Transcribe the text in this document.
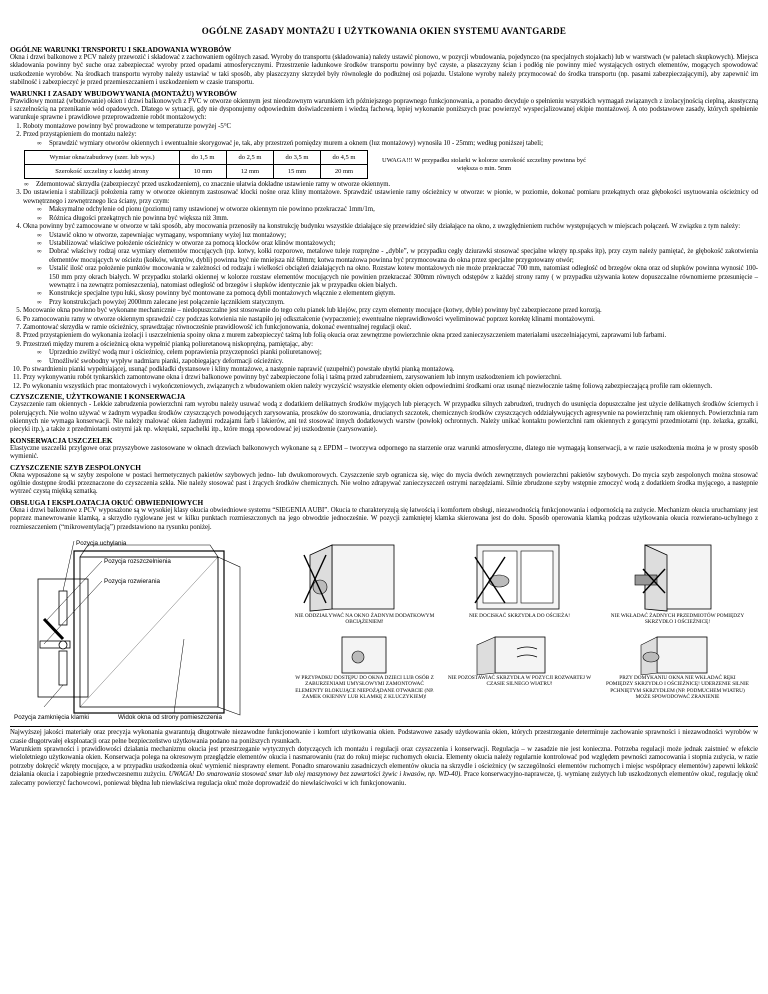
OGÓLNE ZASADY MONTAŻU I UŻYTKOWANIA OKIEN SYSTEMU AVANTGARDE
OGÓLNE WARUNKI TRNSPORTU I SKŁADOWANIA WYROBÓW

Okna i drzwi balkonowe z PCV należy przewozić i składować z zachowaniem ogólnych zasad. Wyroby do transportu (składowania) należy ustawić pionowo, w pozycji wbudowania, pojedynczo (na specjalnych stojakach) lub w warstwach (w paletach skupkowych). Miejsca składowania powinny być suche oraz zabezpieczać wyroby przed opadami atmosferycznymi. Przestrzenie ładunkowe środków transportu powinny być czyste, a płaszczyzny ścian i podłóg nie powinny mieć wystających ostrych elementów, mogących spowodować uszkodzenie wyrobów. Na środkach transportu wyroby należy ustawiać w taki sposób, aby płaszczyzny skrzydeł były równoległe do podłużnej osi pojazdu. Ustalone wyroby należy przymocować do środka transportu (np. pasami zabezpieczającymi), aby zapewnić im stabilność i zabezpieczyć je przed przemieszczaniem i uszkodzeniem w czasie transportu.

WARUNKI I ZASADY WBUDOWYWANIA (MONTAŻU) WYROBÓW

Prawidłowy montaż (wbudowanie) okien i drzwi balkonowych z PVC w otworze okiennym jest nieodzownym warunkiem ich późniejszego poprawnego funkcjonowania, a ponadto decyduje o spełnieniu wszystkich wymagań związanych z izolacyjnością cieplną, akustyczną i szczelnością na przenikanie wód opadowych. Dlatego w sytuacji, gdy nie dysponujemy odpowiednim doświadczeniem i wiedzą fachową, lepiej wykonanie poniższych prac powierzyć wyspecjalizowanej ekipie montażowej. A oto podstawowe zasady, których spełnienie warunkuje sprawne i prawidłowe przeprowadzenie robót montażowych:

1. Roboty montażowe powinny być prowadzone w temperaturze powyżej -5°C
2. Przed przystąpieniem do montażu należy:
∞ Sprawdzić wymiary otworów okiennych i ewentualnie skorygować je, tak, aby przestrzeń pomiędzy murem a oknem (luz montażowy) wynosiła 10 - 25mm; według poniższej tabeli;
Wymiar okna/zabudowy (szer. lub wys.)	do 1,5 m	do 2,5 m	do 3,5 m	do 4,5 m
Szerokość szczeliny z każdej strony	10 mm	12 mm	15 mm	20 mm
UWAGA!!! W przypadku stolarki w kolorze szerokość szczeliny powinna być większa o min. 5mm
∞ Zdemontować skrzydła (zabezpieczyć przed uszkodzeniem), co znacznie ułatwia dokładne ustawienie ramy w otworze okiennym.
3. Do ustawienia i stabilizacji położenia ramy w otworze okiennym zastosować klocki nośne oraz kliny montażowe. Sprawdzić ustawienie ramy ościeżnicy w otworze: w pionie, w poziomie, dokonać pomiaru przekątnych oraz głębokości usytuowania ościeżnicy od wewnętrznego i zewnętrznego lica ściany, przy czym:
∞ Maksymalne odchylenie od pionu (poziomu) ramy ustawionej w otworze okiennym nie powinno przekraczać 1mm/1m,
∞ Różnica długości przekątnych nie powinna być większa niż 3mm.
4. Okna powinny być zamocowane w otworze w taki sposób, aby mocowania przenosiły na konstrukcję budynku wszystkie działające się przewidzieć siły działające na okno, z uwzględnieniem ruchów występujących w miejscach połączeń. W związku z tym należy:
∞ Ustawić okno w otworze, zapewniając wymagany, wspomniany wyżej luz montażowy;
∞ Ustabilizować właściwe położenie ościeżnicy w otworze za pomocą klocków oraz klinów montażowych;
∞ Dobrać właściwy rodzaj oraz wymiary elementów mocujących (np. kotwy, kołki rozporowe, metalowe tuleje rozprężne - „dyble”, w przypadku cegły dziurawki stosować specjalne wkręty np.spaks itp), przy czym należy pamiętać, że głębokość zakotwienia elementów mocujących w ościeżu (kołków, wkrętów, dybli) powinna być nie mniejsza niż 60mm; kotwa montażowa powinna być przymocowana do okna przez specjalne przygotowany otwór;
∞ Ustalić ilość oraz położenie punktów mocowania w zależności od rodzaju i wielkości obciążeń działających na okno. Rozstaw kotew montażowych nie może przekraczać 700 mm, natomiast odległość od brzegów okna oraz od słupków powinna wynosić 100-150 mm przy okrach białych. W przypadku stolarki okiennej w kolorze rozstaw elementów mocujących nie powinien przekraczać 300mm równych odstępów z każdej strony ramy ( w przypadku używania kotew dopuszczalne równomierne przesunięcie – wewnątrz i na zewnątrz pomieszczenia), natomiast odległość od brzegów i słupków identycznie jak w przypadku okien białych.
∞ Konstrukcje specjalne typu łuki, skosy powinny być montowane za pomocą dybli montażowych włącznie z elementem giętym.
∞ Przy konstrukcjach powyżej 2000mm zalecane jest połączenie łącznikiem statycznym.
5. Mocowanie okna powinno być wykonane mechanicznie – niedopuszczalne jest stosowanie do tego celu pianek lub klejów, przy czym elementy mocujące (kotwy, dyble) powinny być zabezpieczone przed korozją.
6. Po zamocowaniu ramy w otworze okiennym sprawdzić czy podczas kotwienia nie nastąpiło jej odkształcenie (wypaczenie); ewentualne nieprawidłowości wyeliminować poprzez korektę klinami montażowymi.
7. Zamontować skrzydła w ramie ościeżnicy, sprawdzając równocześnie prawidłowość ich funkcjonowania, dokonać ewentualnej regulacji okuć.
8. Przed przystąpieniem do wykonania izolacji i uszczelnienia spoiny okna z murem zabezpieczyć taśmą lub folią okucia oraz zewnętrzne powierzchnie okna przed zanieczyszczeniem materiałami uszczelniającymi, zaprawami lub farbami.
9. Przestrzeń między murem a ościeżnicą okna wypełnić pianką poliuretanową niskoprężną, pamiętając, aby:
∞ Uprzednio zwilżyć wodą mur i ościeżnicę, celem poprawienia przyczepności pianki poliuretanowej;
∞ Umożliwić swobodny wypływ nadmiaru pianki, zapobiegający deformacji ościeżnicy.
10. Po stwardnieniu pianki wypełniającej, usunąć podkładki dystansowe i kliny montażowe, a następnie naprawić (uzupełnić) powstałe ubytki pianką montażową.
11. Przy wykonywaniu robót tynkarskich zamontowane okna i drzwi balkonowe powinny być zabezpieczone folią i taśmą przed zabrudzeniem, zarysowaniem lub innym uszkodzeniem ich powierzchni.
12. Po wykonaniu wszystkich prac montażowych i wykończeniowych, związanych z wbudowaniem okien należy wyczyścić wszystkie elementy okien odpowiednimi środkami oraz usunąć niezwłocznie taśmę foliową zabezpieczającą profile ram okiennych.
CZYSZCZENIE, UŻYTKOWANIE I KONSERWACJA

Czyszczenie ram okiennych - Lekkie zabrudzenia powierzchni ram wyrobu należy usuwać wodą z dodatkiem delikatnych środków myjących lub pierących. W przypadku silnych zabrudzeń, trudnych do usunięcia dopuszczalne jest użycie delikatnych środków ściernych i polerujących. Nie wolno używać w żadnym wypadku środków czyszczących powodujących zarysowania, proszków do szorowania, drucianych szczotek, chemicznych środków czyszczących oddziaływujących agresywnie na powierzchnię ram okiennych. Powierzchnia ram okiennych nie wymaga konserwacji. Nie należy malować okien żadnymi rodzajami farb i lakierów, ani też stosować innych dodatkowych warstw (powłok) ochronnych. Należy unikać kontaktu powierzchni ram okiennych z gorącymi przedmiotami (np. żelazka, grzałki, piecyki itp.), a także z przedmiotami ostrymi jak np. wkrętaki, szpachelki itp., które mogą spowodować jej uszkodzenie (zarysowanie).

KONSERWACJA USZCZELEK

Elastyczne uszczelki przylgowe oraz przyszybowe zastosowane w oknach drzwiach balkonowych wykonane są z EPDM – tworzywa odpornego na starzenie oraz warunki atmosferyczne, dlatego nie wymagają konserwacji, a w razie uszkodzenia można je w prosty sposób wymienić.

CZYSZCZENIE SZYB ZESPOLONYCH

Okna wyposażone są w szyby zespolone w postaci hermetycznych pakietów szybowych jedno- lub dwukomorowych. Czyszczenie szyb ogranicza się, więc do mycia dwóch zewnętrznych powierzchni pakietów szybowych. Do mycia szyb zespolonych można stosować ogólnie dostępne środki przeznaczone do czyszczenia szkła. Nie należy stosować past i żrących środków chemicznych. Nie wolno zdrapywać zanieczyszczeń ostrymi narzędziami. Silnie zbrudzone szyby wstępnie zmoczyć wodą z dodatkiem środka myjącego, a następnie wytrzeć czystą miękką szmatką.

OBSŁUGA I EKSPLOATACJA OKUĆ OBWIEDNIOWYCH

Okna i drzwi balkonowe z PCV wyposażone są w wysokiej klasy okucia obwiedniowe systemu “SIEGENIA AUBI”. Okucia te charakteryzują się łatwością i komfortem obsługi, niezawodnością funkcjonowania i odpornością na zużycie. Mechanizm okucia uruchamiany jest poprzez manewrowanie klamką, a skrzydło ryglowane jest w kilku punktach rozmieszczonych na jego obwodzie jednocześnie. W pozycji zamkniętej klamka skierowana jest do dołu. Sposób operowania klamką podczas użytkowania okucia rozwierano-uchylnego z rozmieszczeniem (“mikrowentylacją”) przedstawiono na rysunku poniżej.

Pozycja uchylania
Pozycja rozszczelnienia
Pozycja rozwierania
Pozycja zamknięcia klamki	Widok okna od strony pomieszczenia
NIE ODDZIAŁYWAĆ NA OKNO ŻADNYM DODATKOWYM OBCIĄŻENIEM!
NIE DOCISKAĆ SKRZYDŁA DO OŚCIEŻA!	NIE WKŁADAĆ ŻADNYCH PRZEDMIOTÓW POMIĘDZY SKRZYDŁO I OŚCIEŻNICĘ!
W PRZYPADKU DOSTĘPU DO OKNA DZIECI LUB OSÓB Z ZABURZENIAMI UMYSŁOWYMI ZAMONTOWAĆ ELEMENTY BLOKUJĄCE NIEPOŻĄDANE OTWARCIE (NP. ZAMEK OKIENNY LUB KLAMKĘ Z KLUCZYKIEM)!
NIE POZOSTAWIAĆ SKRZYDŁA W POZYCJI ROZWARTEJ W CZASIE SILNEGO WIATRU!
PRZY DOMYKANIU OKNA NIE WKŁADAĆ RĘKI POMIĘDZY SKRZYDŁO I OŚCIEŻNICĘ! UDERZENIE SILNIE PCHNIĘTYM SKRZYDŁEM (NP. PODMUCHEM WIATRU) MOŻE SPOWODOWAĆ ZRANIENIE

Najwyższej jakości materiały oraz precyzja wykonania gwarantują długotrwałe niezawodne funkcjonowanie i komfort użytkowania okien. Podstawowe zasady użytkowania okien, których przestrzeganie determinuje zachowanie sprawności i niezawodności wyrobów w czasie długotrwałej eksploatacji oraz pełne bezpieczeństwo użytkowania podano na poniższych rysunkach.

Warunkiem sprawności i prawidłowości działania mechanizmu okucia jest przestrzeganie wytycznych dotyczących ich montażu i regulacji oraz czyszczenia i konserwacji. Regulacja – w zasadzie nie jest konieczna. Potrzeba regulacji może jednak zaistnieć w efekcie wieloletniego użytkowania okien. Konserwacja polega na okresowym przeglądzie elementów okucia i nasmarowaniu (raz do roku) miejsc ruchomych okucia. Elementy okucia należy regularnie kontrolować pod względem pewności zamocowania i stopnia zużycia, w razie potrzeby dokręcić wkręty mocujące, a w przypadku uszkodzenia okuć wymienić niesprawny element. Ponadto smarowaniu zasadniczych elementów okucia na skrzydle i ościeżnicy (w szczególności elementów ruchomych i miejsc współpracy elementów) zapewni lekkość działania okucia i zapobiegnie przedwczesnemu zużyciu. UWAGA! Do smarowania stosować smar lub olej maszynowy bez zawartości żywic i kwasów, np. WD-40). Prace konserwacyjno-naprawcze, tj. wymianę zużytych lub uszkodzonych elementów okuć, regulację okuć zalecamy powierzyć fachowcowi, ponieważ błędna lub niewłaściwa regulacja okuć może doprowadzić do niewłaściwości w ich funkcjonowaniu.
